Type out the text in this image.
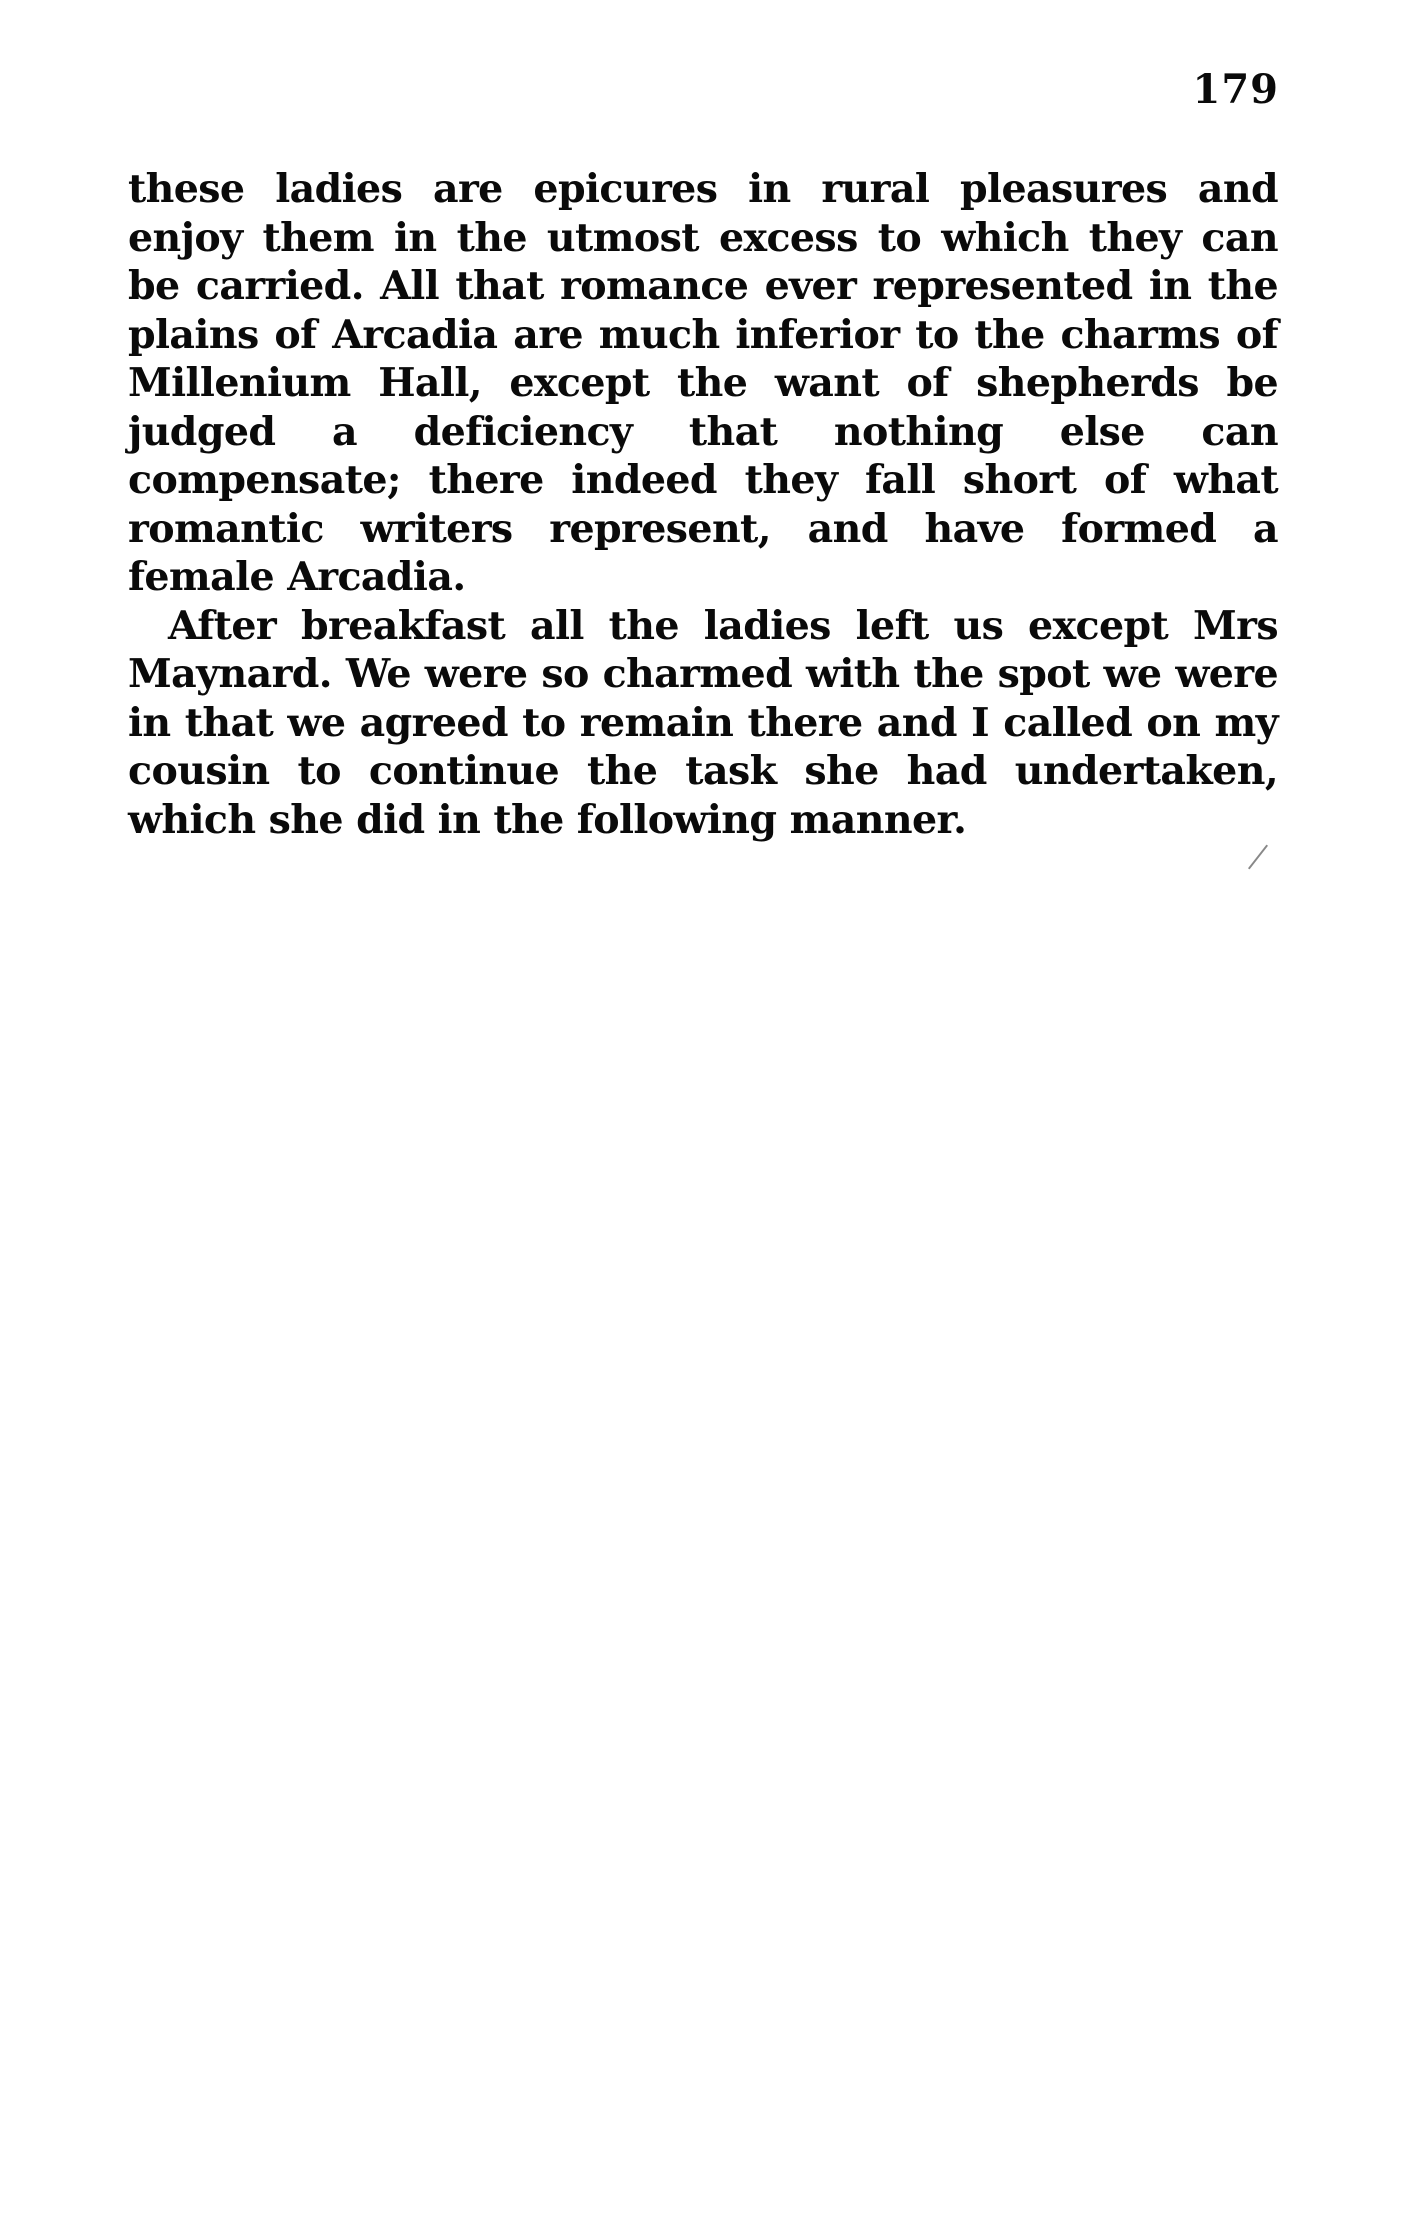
179

these ladies are epicures in rural pleasures and enjoy them in the utmost excess to which they can be carried. All that romance ever represented in the plains of Arcadia are much inferior to the charms of Millenium Hall, except the want of shepherds be judged a deficiency that nothing else can compensate; there indeed they fall short of what romantic writers represent, and have formed a female Arcadia.

After breakfast all the ladies left us except Mrs Maynard. We were so charmed with the spot we were in that we agreed to remain there and I called on my cousin to continue the task she had undertaken, which she did in the following manner.
